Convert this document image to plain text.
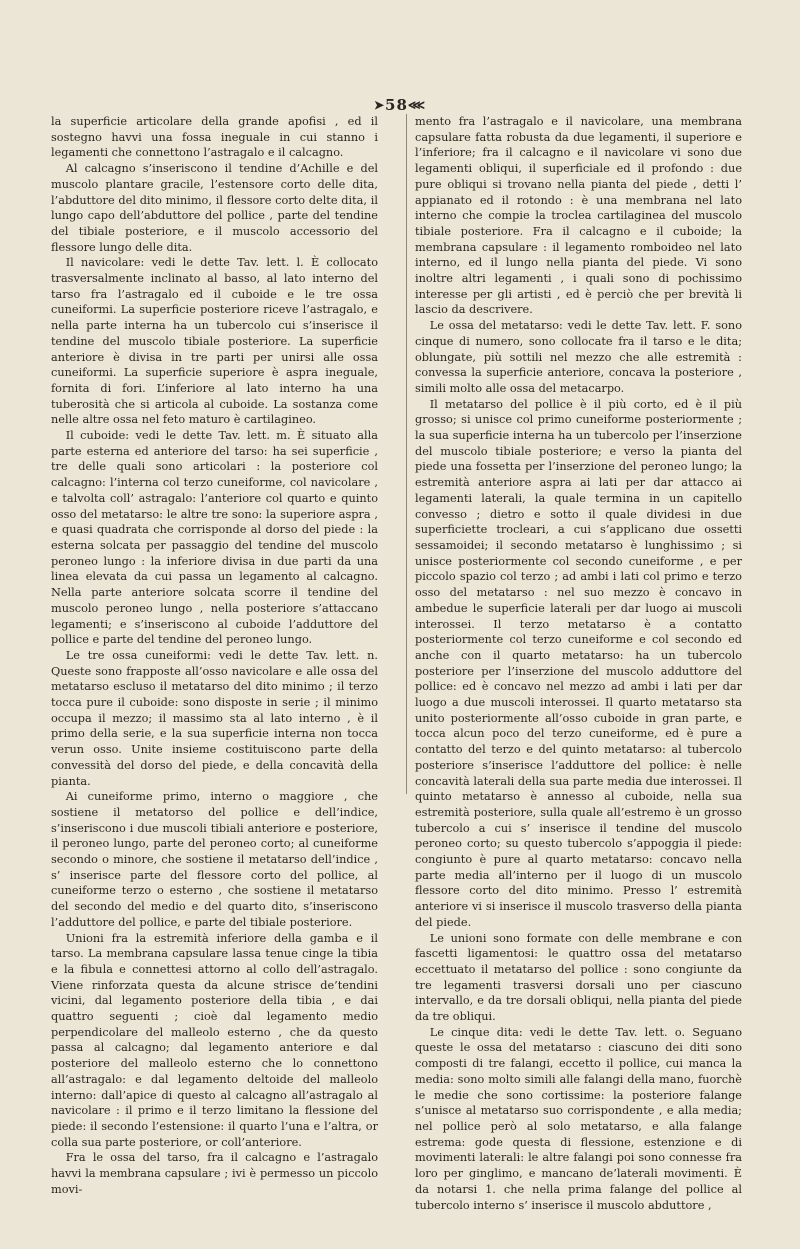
➤58⋘

la superficie articolare della grande apofisi , ed il sostegno havvi una fossa ineguale in cui stanno i legamenti che connettono l’astragalo e il calcagno.

Al calcagno s’inseriscono il tendine d’Achille e del muscolo plantare gracile, l’estensore corto delle dita, l’abduttore del dito minimo, il flessore corto delte dita, il lungo capo dell’abduttore del pollice , parte del tendine del tibiale posteriore, e il muscolo accessorio del flessore lungo delle dita.

Il navicolare: vedi le dette Tav. lett. l. È collocato trasversalmente inclinato al basso, al lato interno del tarso fra l’astragalo ed il cuboide e le tre ossa cuneiformi. La superficie posteriore riceve l’astragalo, e nella parte interna ha un tubercolo cui s’inserisce il tendine del muscolo tibiale posteriore. La superficie anteriore è divisa in tre parti per unirsi alle ossa cuneiformi. La superficie superiore è aspra ineguale, fornita di fori. L’inferiore al lato interno ha una tuberosità che si articola al cuboide. La sostanza come nelle altre ossa nel feto maturo è cartilagineo.

Il cuboide: vedi le dette Tav. lett. m. È situato alla parte esterna ed anteriore del tarso: ha sei superficie , tre delle quali sono articolari : la posteriore col calcagno: l’interna col terzo cuneiforme, col navicolare , e talvolta coll’ astragalo: l’anteriore col quarto e quinto osso del metatarso: le altre tre sono: la superiore aspra , e quasi quadrata che corrisponde al dorso del piede : la esterna solcata per passaggio del tendine del muscolo peroneo lungo : la inferiore divisa in due parti da una linea elevata da cui passa un legamento al calcagno. Nella parte anteriore solcata scorre il tendine del muscolo peroneo lungo , nella posteriore s’attaccano legamenti; e s’inseriscono al cuboide l’adduttore del pollice e parte del tendine del peroneo lungo.

Le tre ossa cuneiformi: vedi le dette Tav. lett. n. Queste sono frapposte all’osso navicolare e alle ossa del metatarso escluso il metatarso del dito minimo ; il terzo tocca pure il cuboide: sono disposte in serie ; il minimo occupa il mezzo; il massimo sta al lato interno , è il primo della serie, e la sua superficie interna non tocca verun osso. Unite insieme costituiscono parte della convessità del dorso del piede, e della concavità della pianta.

Ai cuneiforme primo, interno o maggiore , che sostiene il metatorso del pollice e dell’indice, s’inseriscono i due muscoli tibiali anteriore e posteriore, il peroneo lungo, parte del peroneo corto; al cuneiforme secondo o minore, che sostiene il metatarso dell’indice , s’ inserisce parte del flessore corto del pollice, al cuneiforme terzo o esterno , che sostiene il metatarso del secondo del medio e del quarto dito, s’inseriscono l’adduttore del pollice, e parte del tibiale posteriore.

Unioni fra la estremità inferiore della gamba e il tarso. La membrana capsulare lassa tenue cinge la tibia e la fibula e connettesi attorno al collo dell’astragalo. Viene rinforzata questa da alcune strisce de’tendini vicini, dal legamento posteriore della tibia , e dai quattro seguenti ; cioè dal legamento medio perpendicolare del malleolo esterno , che da questo passa al calcagno; dal legamento anteriore e dal posteriore del malleolo esterno che lo connettono all’astragalo: e dal legamento deltoide del malleolo interno: dall’apice di questo al calcagno all’astragalo al navicolare : il primo e il terzo limitano la flessione del piede: il secondo l’estensione: il quarto l’una e l’altra, or colla sua parte posteriore, or coll’anteriore.

Fra le ossa del tarso, fra il calcagno e l’astragalo havvi la membrana capsulare ; ivi è permesso un piccolo movi-

mento fra l’astragalo e il navicolare, una membrana capsulare fatta robusta da due legamenti, il superiore e l’inferiore; fra il calcagno e il navicolare vi sono due legamenti obliqui, il superficiale ed il profondo : due pure obliqui si trovano nella pianta del piede , detti l’ appianato ed il rotondo : è una membrana nel lato interno che compie la troclea cartilaginea del muscolo tibiale posteriore. Fra il calcagno e il cuboide; la membrana capsulare : il legamento romboideo nel lato interno, ed il lungo nella pianta del piede. Vi sono inoltre altri legamenti , i quali sono di pochissimo interesse per gli artisti , ed è perciò che per brevità li lascio da descrivere.

Le ossa del metatarso: vedi le dette Tav. lett. F. sono cinque di numero, sono collocate fra il tarso e le dita; oblungate, più sottili nel mezzo che alle estremità : convessa la superficie anteriore, concava la posteriore , simili molto alle ossa del metacarpo.

Il metatarso del pollice è il più corto, ed è il più grosso; si unisce col primo cuneiforme posteriormente ; la sua superficie interna ha un tubercolo per l’inserzione del muscolo tibiale posteriore; e verso la pianta del piede una fossetta per l’inserzione del peroneo lungo; la estremità anteriore aspra ai lati per dar attacco ai legamenti laterali, la quale termina in un capitello convesso ; dietro e sotto il quale dividesi in due superficiette trocleari, a cui s’applicano due ossetti sessamoidei; il secondo metatarso è lunghissimo ; si unisce posteriormente col secondo cuneiforme , e per piccolo spazio col terzo ; ad ambi i lati col primo e terzo osso del metatarso : nel suo mezzo è concavo in ambedue le superficie laterali per dar luogo ai muscoli interossei. Il terzo metatarso è a contatto posteriormente col terzo cuneiforme e col secondo ed anche con il quarto metatarso: ha un tubercolo posteriore per l’inserzione del muscolo adduttore del pollice: ed è concavo nel mezzo ad ambi i lati per dar luogo a due muscoli interossei. Il quarto metatarso sta unito posteriormente all’osso cuboide in gran parte, e tocca alcun poco del terzo cuneiforme, ed è pure a contatto del terzo e del quinto metatarso: al tubercolo posteriore s’inserisce l’adduttore del pollice: è nelle concavità laterali della sua parte media due interossei. Il quinto metatarso è annesso al cuboide, nella sua estremità posteriore, sulla quale all’estremo è un grosso tubercolo a cui s’ inserisce il tendine del muscolo peroneo corto; su questo tubercolo s’appoggia il piede: congiunto è pure al quarto metatarso: concavo nella parte media all’interno per il luogo di un muscolo flessore corto del dito minimo. Presso l’ estremità anteriore vi si inserisce il muscolo trasverso della pianta del piede.

Le unioni sono formate con delle membrane e con fascetti ligamentosi: le quattro ossa del metatarso eccettuato il metatarso del pollice : sono congiunte da tre legamenti trasversi dorsali uno per ciascuno intervallo, e da tre dorsali obliqui, nella pianta del piede da tre obliqui.

Le cinque dita: vedi le dette Tav. lett. o. Seguano queste le ossa del metatarso : ciascuno dei diti sono composti di tre falangi, eccetto il pollice, cui manca la media: sono molto simili alle falangi della mano, fuorchè le medie che sono cortissime: la posteriore falange s’unisce al metatarso suo corrispondente , e alla media; nel pollice però al solo metatarso, e alla falange estrema: gode questa di flessione, estenzione e di movimenti laterali: le altre falangi poi sono connesse fra loro per ginglimo, e mancano de’laterali movimenti. È da notarsi 1. che nella prima falange del pollice al tubercolo interno s’ inserisce il muscolo abduttore ,
